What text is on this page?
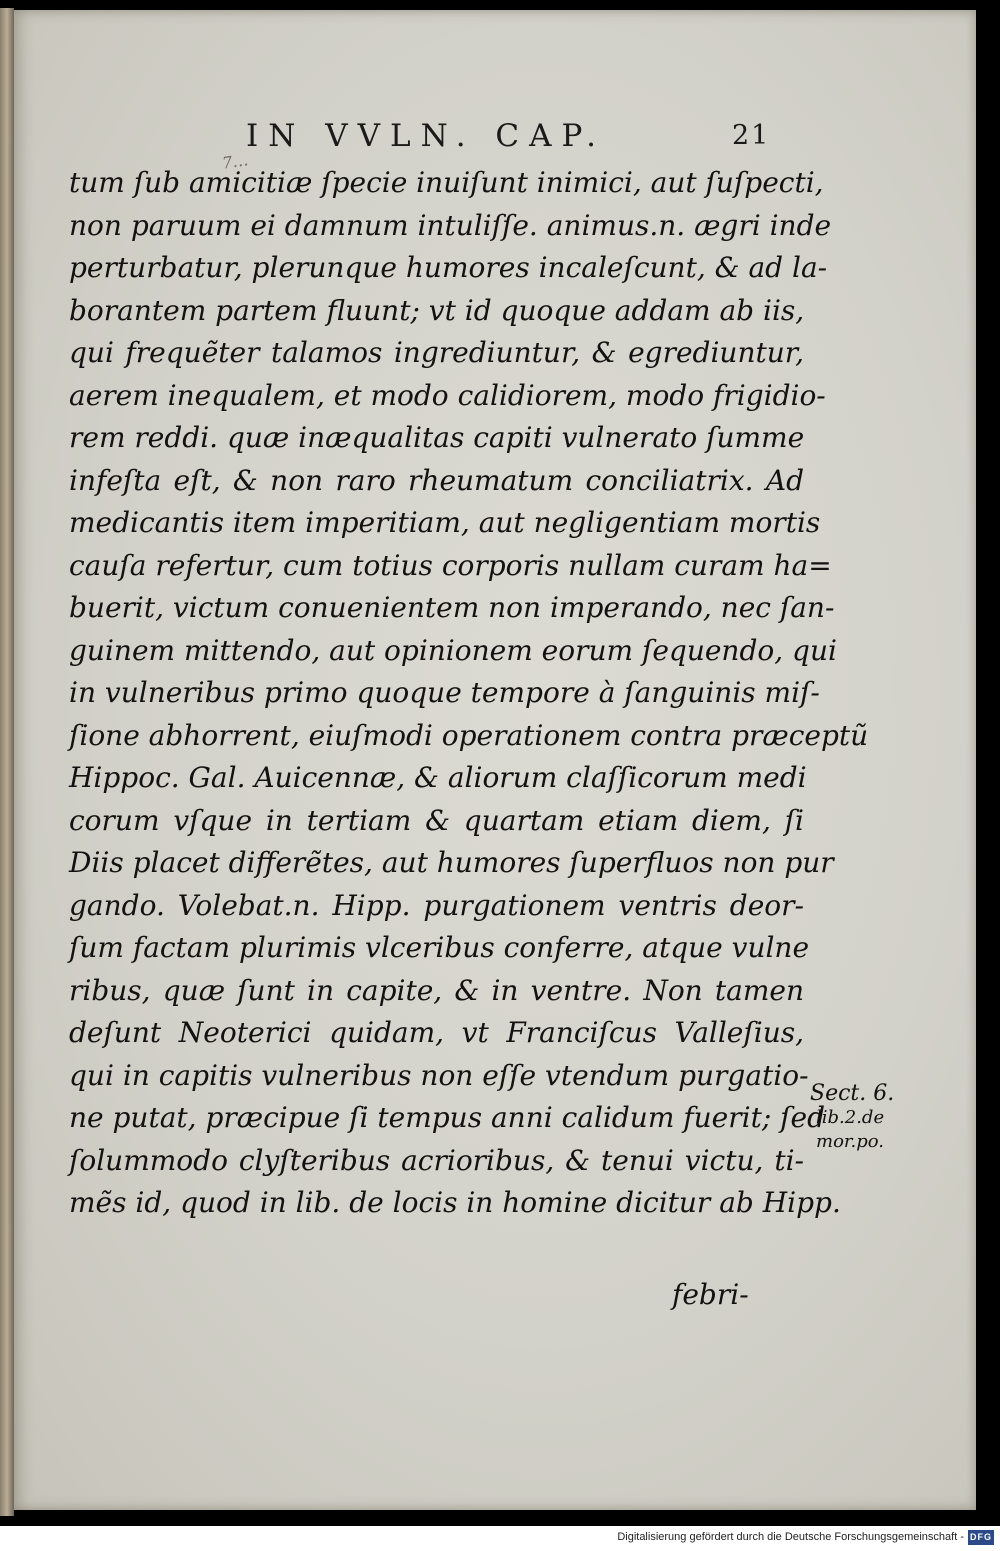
IN VVLN. CAP.	21
7…
tum ſub amicitiæ ſpecie inuiſunt inimici, aut ſuſpecti,
non paruum ei damnum intuliſſe. animus.n. ægri inde
perturbatur, plerunque humores incaleſcunt, & ad la-
borantem partem fluunt; vt id quoque addam ab iis,
qui frequẽter talamos ingrediuntur, & egrediuntur,
aerem inequalem, et modo calidiorem, modo frigidio-
rem reddi. quæ inæqualitas capiti vulnerato ſumme
infeſta eſt, & non raro rheumatum conciliatrix. Ad
medicantis item imperitiam, aut negligentiam mortis
cauſa refertur, cum totius corporis nullam curam ha=
buerit, victum conuenientem non imperando, nec ſan-
guinem mittendo, aut opinionem eorum ſequendo, qui
in vulneribus primo quoque tempore à ſanguinis miſ-
ſione abhorrent, eiuſmodi operationem contra præceptũ
Hippoc. Gal. Auicennæ, & aliorum claſſicorum medi
corum vſque in tertiam & quartam etiam diem, ſi
Diis placet differẽtes, aut humores ſuperfluos non pur
gando. Volebat.n. Hipp. purgationem ventris deor-
ſum factam plurimis vlceribus conferre, atque vulne
ribus, quæ ſunt in capite, & in ventre. Non tamen
deſunt Neoterici quidam, vt Franciſcus Valleſius,
qui in capitis vulneribus non eſſe vtendum purgatio-
ne putat, præcipue ſi tempus anni calidum fuerit; ſed
ſolummodo clyſteribus acrioribus, & tenui victu, ti-
mẽs id, quod in lib. de locis in homine dicitur ab Hipp.
Sect. 6.
lib.2.de
mor.po.
febri-
Digitalisierung gefördert durch die Deutsche Forschungsgemeinschaft - DFG
